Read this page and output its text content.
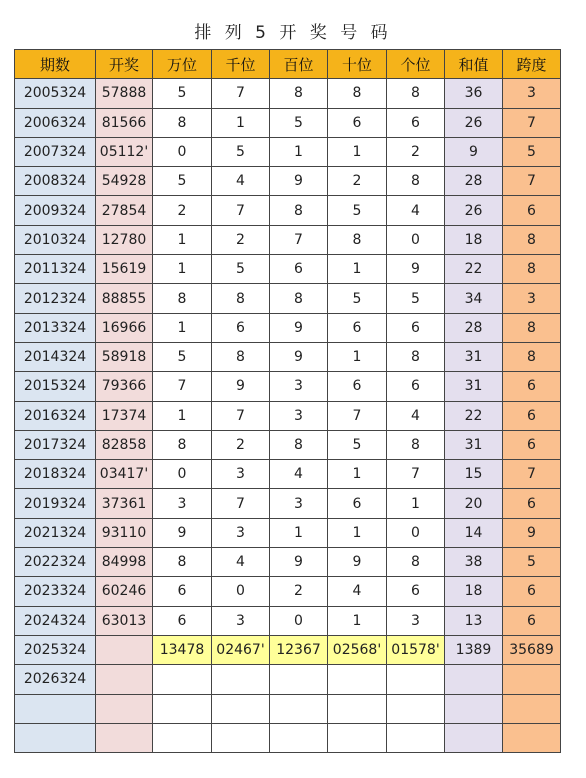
排 列 5 开 奖 号 码
期数	开奖	万位	千位	百位	十位	个位	和值	跨度
2005324	57888	5	7	8	8	8	36	3
2006324	81566	8	1	5	6	6	26	7
2007324	05112'	0	5	1	1	2	9	5
2008324	54928	5	4	9	2	8	28	7
2009324	27854	2	7	8	5	4	26	6
2010324	12780	1	2	7	8	0	18	8
2011324	15619	1	5	6	1	9	22	8
2012324	88855	8	8	8	5	5	34	3
2013324	16966	1	6	9	6	6	28	8
2014324	58918	5	8	9	1	8	31	8
2015324	79366	7	9	3	6	6	31	6
2016324	17374	1	7	3	7	4	22	6
2017324	82858	8	2	8	5	8	31	6
2018324	03417'	0	3	4	1	7	15	7
2019324	37361	3	7	3	6	1	20	6
2021324	93110	9	3	1	1	0	14	9
2022324	84998	8	4	9	9	8	38	5
2023324	60246	6	0	2	4	6	18	6
2024324	63013	6	3	0	1	3	13	6
2025324		13478	02467'	12367	02568'	01578'	1389	35689
2026324								
